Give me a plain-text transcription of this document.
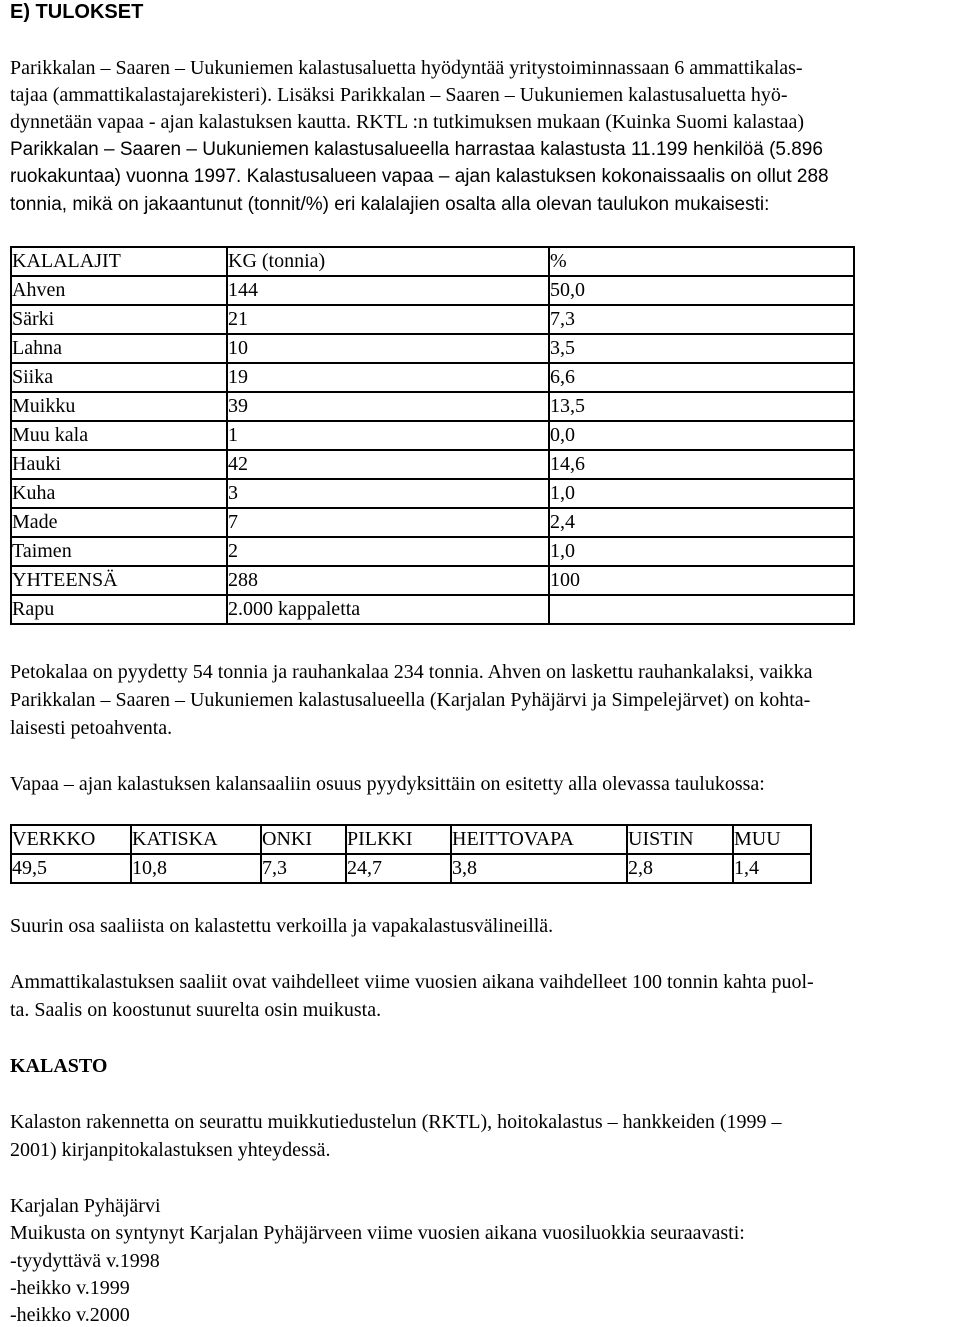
E) TULOKSET
Parikkalan – Saaren – Uukuniemen kalastusaluetta hyödyntää yritystoiminnassaan 6 ammattikalas-
tajaa (ammattikalastajarekisteri). Lisäksi Parikkalan – Saaren – Uukuniemen kalastusaluetta hyö-
dynnetään vapaa - ajan kalastuksen kautta. RKTL :n tutkimuksen mukaan (Kuinka Suomi kalastaa)
Parikkalan – Saaren – Uukuniemen kalastusalueella harrastaa kalastusta 11.199 henkilöä (5.896
ruokakuntaa) vuonna 1997. Kalastusalueen vapaa – ajan kalastuksen kokonaissaalis on ollut 288
tonnia, mikä on jakaantunut (tonnit/%) eri kalalajien osalta alla olevan taulukon mukaisesti:
KALALAJIT	KG (tonnia)	%
Ahven	144	50,0
Särki	21	7,3
Lahna	10	3,5
Siika	19	6,6
Muikku	39	13,5
Muu kala	1	0,0
Hauki	42	14,6
Kuha	3	1,0
Made	7	2,4
Taimen	2	1,0
YHTEENSÄ	288	100
Rapu	2.000 kappaletta	
Petokalaa on pyydetty 54 tonnia ja rauhankalaa 234 tonnia. Ahven on laskettu rauhankalaksi, vaikka
Parikkalan – Saaren – Uukuniemen kalastusalueella (Karjalan Pyhäjärvi ja Simpelejärvet) on kohta-
laisesti petoahventa.
Vapaa – ajan kalastuksen kalansaaliin osuus pyydyksittäin on esitetty alla olevassa taulukossa:
VERKKO	KATISKA	ONKI	PILKKI	HEITTOVAPA	UISTIN	MUU
49,5	10,8	7,3	24,7	3,8	2,8	1,4
Suurin osa saaliista on kalastettu verkoilla ja vapakalastusvälineillä.
Ammattikalastuksen saaliit ovat vaihdelleet viime vuosien aikana vaihdelleet 100 tonnin kahta puol-
ta. Saalis on koostunut suurelta osin muikusta.
KALASTO
Kalaston rakennetta on seurattu muikkutiedustelun (RKTL), hoitokalastus – hankkeiden (1999 –
2001) kirjanpitokalastuksen yhteydessä.
Karjalan Pyhäjärvi
Muikusta on syntynyt Karjalan Pyhäjärveen viime vuosien aikana vuosiluokkia seuraavasti:
-tyydyttävä v.1998
-heikko v.1999
-heikko v.2000
